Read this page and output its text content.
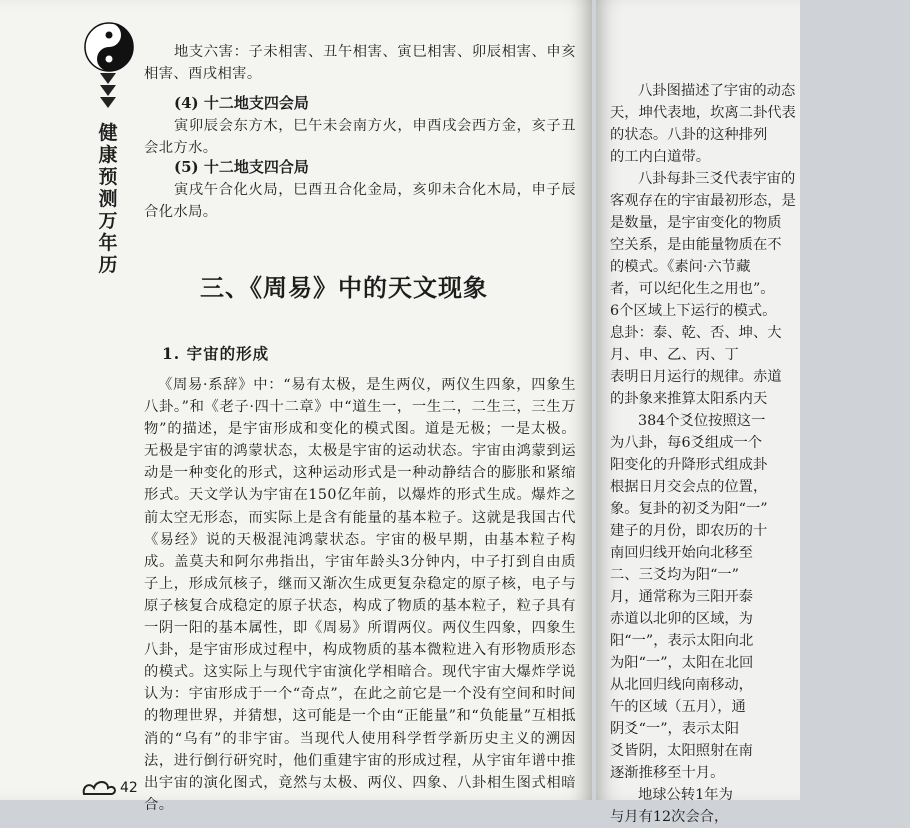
健
康
预
测
万
年
历

地支六害：子未相害、丑午相害、寅巳相害、卯辰相害、申亥相害、酉戌相害。

(4) 十二地支四会局

寅卯辰会东方木，巳午未会南方火，申酉戌会西方金，亥子丑会北方水。

(5) 十二地支四合局

寅戌午合化火局，巳酉丑合化金局，亥卯未合化木局，申子辰合化水局。

三、《周易》中的天文现象
1. 宇宙的形成

《周易·系辞》中：“易有太极，是生两仪，两仪生四象，四象生八卦。”和《老子·四十二章》中“道生一，一生二，二生三，三生万物”的描述，是宇宙形成和变化的模式图。道是无极；一是太极。无极是宇宙的鸿蒙状态，太极是宇宙的运动状态。宇宙由鸿蒙到运动是一种变化的形式，这种运动形式是一种动静结合的膨胀和紧缩形式。天文学认为宇宙在150亿年前，以爆炸的形式生成。爆炸之前太空无形态，而实际上是含有能量的基本粒子。这就是我国古代《易经》说的天极混沌鸿蒙状态。宇宙的极早期，由基本粒子构成。盖莫夫和阿尔弗指出，宇宙年龄头3分钟内，中子打到自由质子上，形成氘核子，继而又渐次生成更复杂稳定的原子核，电子与原子核复合成稳定的原子状态，构成了物质的基本粒子，粒子具有一阴一阳的基本属性，即《周易》所谓两仪。两仪生四象，四象生八卦，是宇宙形成过程中，构成物质的基本微粒进入有形物质形态的模式。这实际上与现代宇宙演化学相暗合。现代宇宙大爆炸学说认为：宇宙形成于一个“奇点”，在此之前它是一个没有空间和时间的物理世界，并猜想，这可能是一个由“正能量”和“负能量”互相抵消的“乌有”的非宇宙。当现代人使用科学哲学新历史主义的溯因法，进行倒行研究时，他们重建宇宙的形成过程，从宇宙年谱中推出宇宙的演化图式，竟然与太极、两仪、四象、八卦相生图式相暗合。

42
八卦图描述了宇宙的动态
天，坤代表地，坎离二卦代表
的状态。八卦的这种排列
的工内白道带。
八卦每卦三爻代表宇宙的
客观存在的宇宙最初形态，是
是数量，是宇宙变化的物质
空关系，是由能量物质在不
的模式。《素问·六节藏
者，可以纪化生之用也”。
6个区域上下运行的模式。
息卦：泰、乾、否、坤、大
月、申、乙、丙、丁
表明日月运行的规律。赤道
的卦象来推算太阳系内天
384个爻位按照这一
为八卦，每6爻组成一个
阳变化的升降形式组成卦
根据日月交会点的位置，
象。复卦的初爻为阳“一”
建子的月份，即农历的十
南回归线开始向北移至
二、三爻均为阳“一”
月，通常称为三阳开泰
赤道以北卯的区域，为
阳“一”，表示太阳向北
为阳“一”，太阳在北回
从北回归线向南移动，
午的区域（五月），通
阴爻“一”，表示太阳
爻皆阴，太阳照射在南
逐渐推移至十月。
地球公转1年为
与月有12次会合，
